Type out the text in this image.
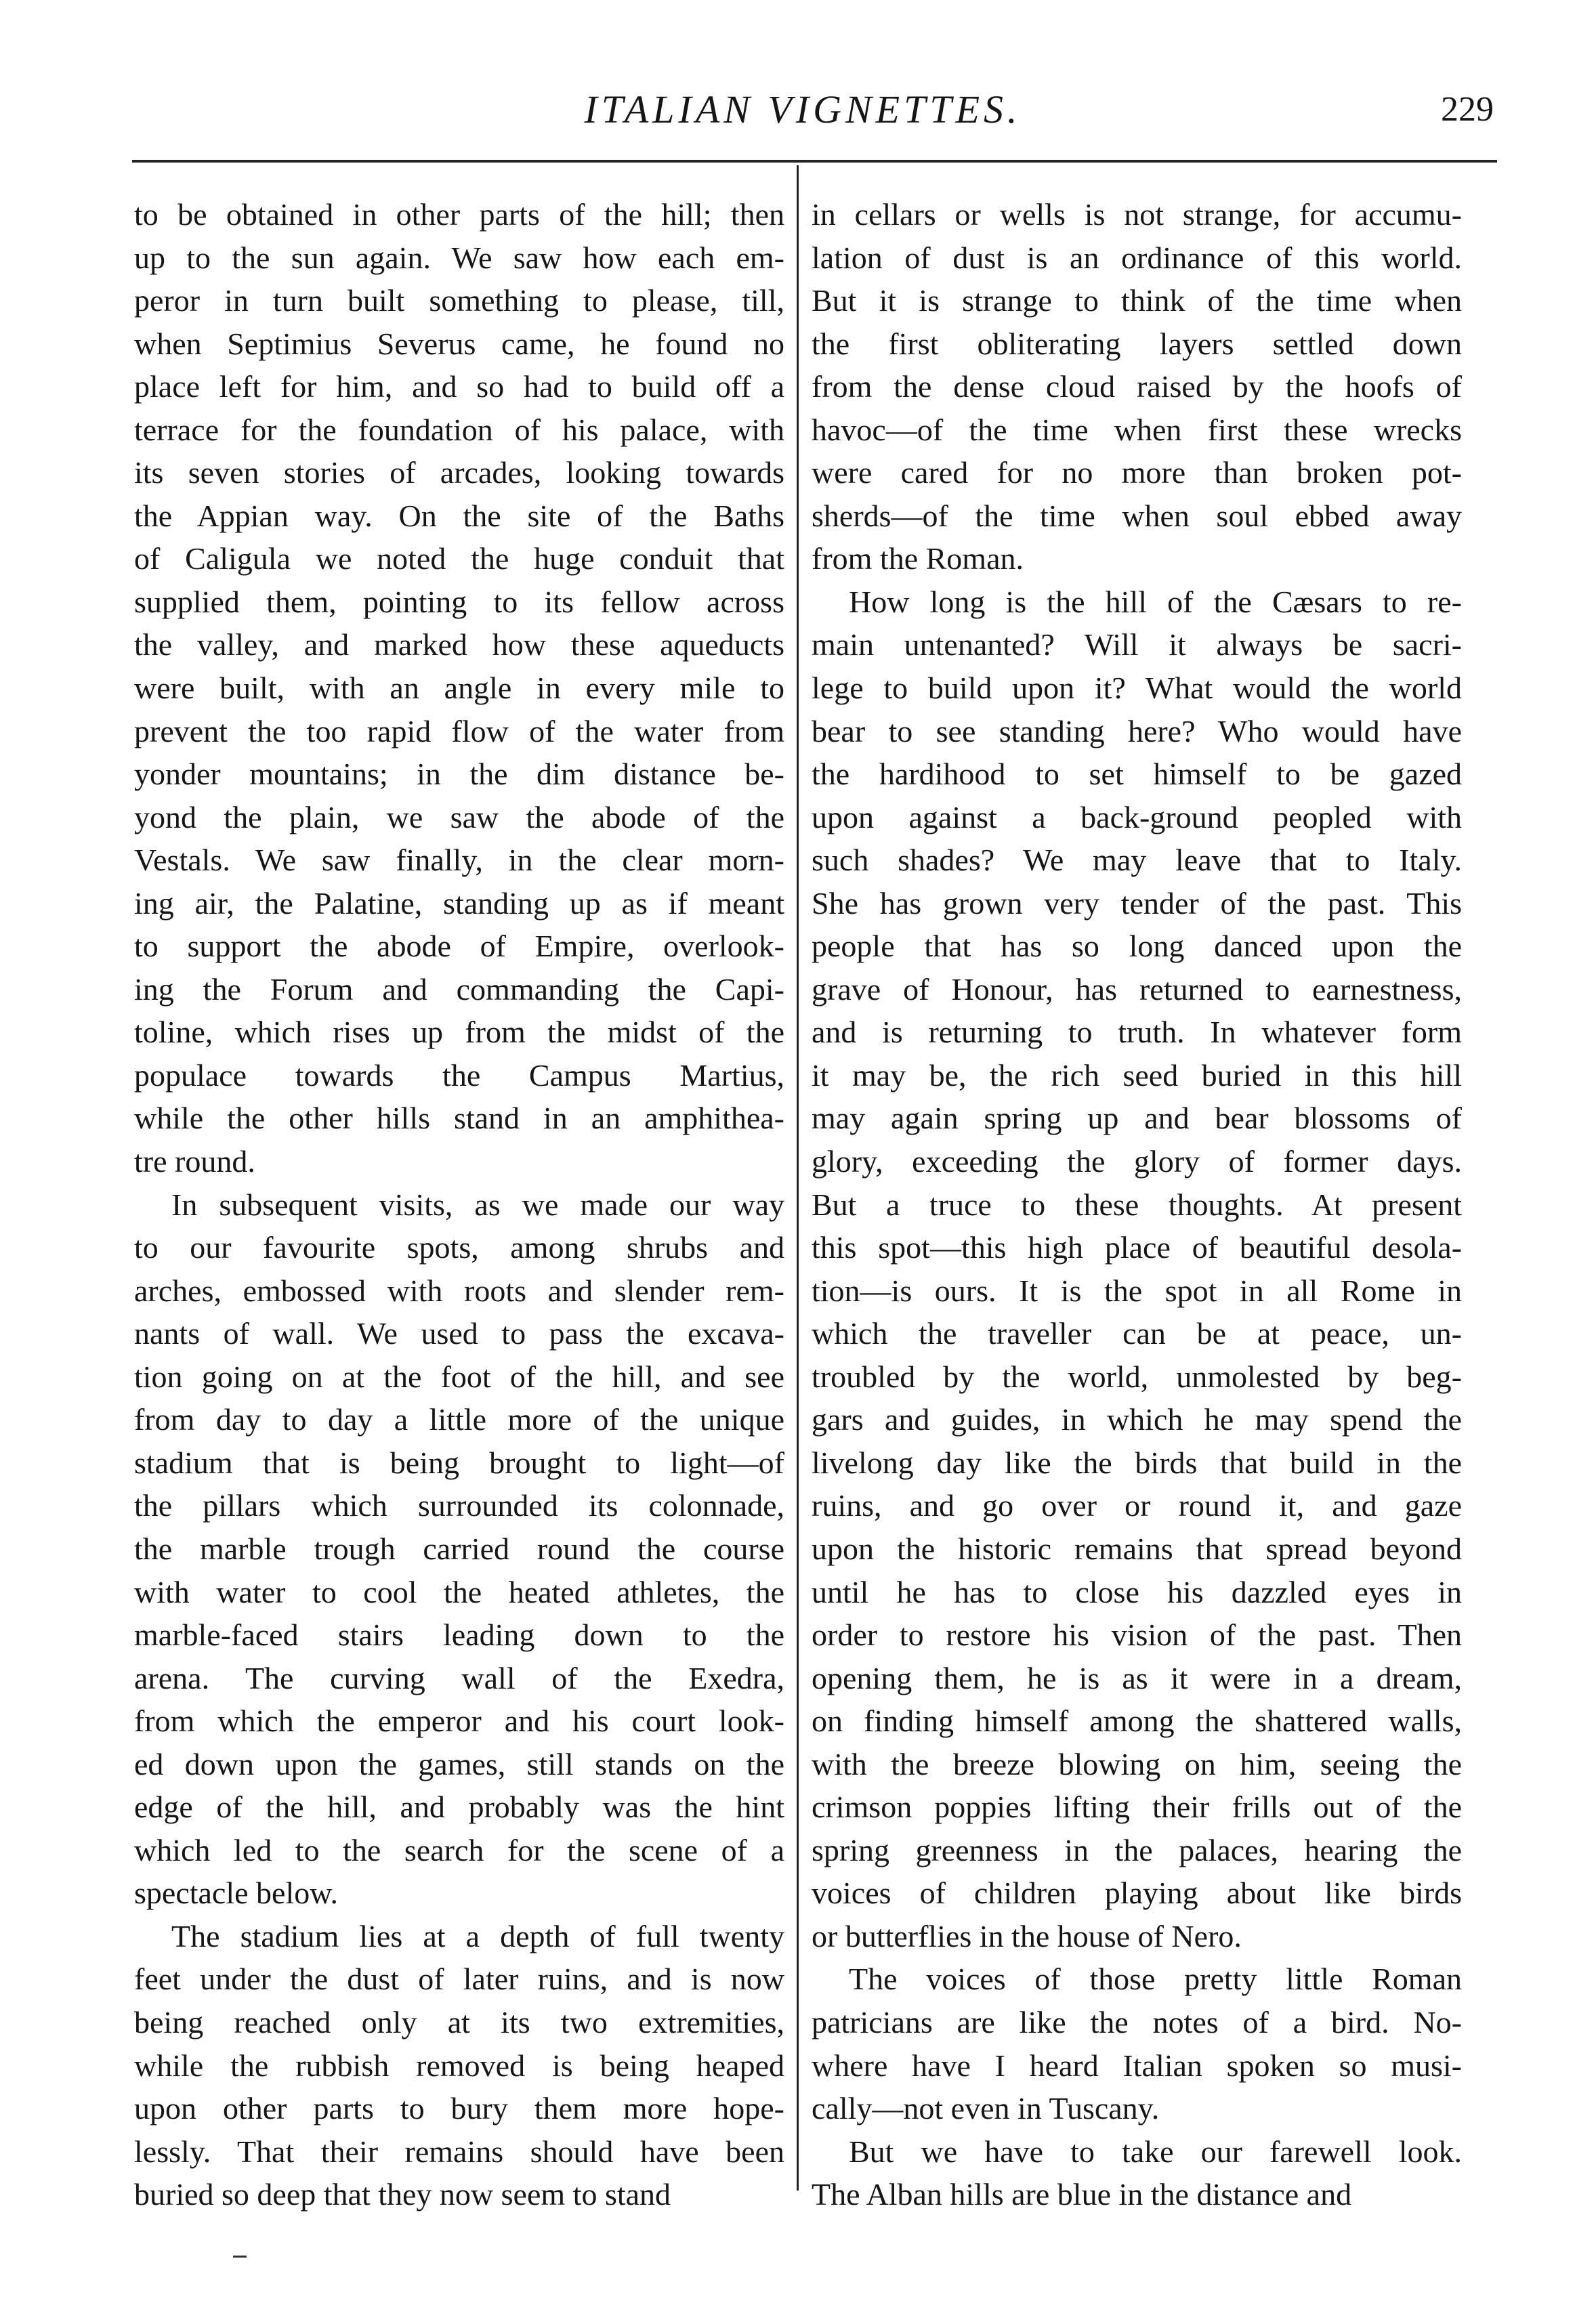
ITALIAN VIGNETTES.	229
to be obtained in other parts of the hill; then
up to the sun again. We saw how each em-
peror in turn built something to please, till,
when Septimius Severus came, he found no
place left for him, and so had to build off a
terrace for the foundation of his palace, with
its seven stories of arcades, looking towards
the Appian way. On the site of the Baths
of Caligula we noted the huge conduit that
supplied them, pointing to its fellow across
the valley, and marked how these aqueducts
were built, with an angle in every mile to
prevent the too rapid flow of the water from
yonder mountains; in the dim distance be-
yond the plain, we saw the abode of the
Vestals. We saw finally, in the clear morn-
ing air, the Palatine, standing up as if meant
to support the abode of Empire, overlook-
ing the Forum and commanding the Capi-
toline, which rises up from the midst of the
populace towards the Campus Martius,
while the other hills stand in an amphithea-
tre round.
In subsequent visits, as we made our way
to our favourite spots, among shrubs and
arches, embossed with roots and slender rem-
nants of wall. We used to pass the excava-
tion going on at the foot of the hill, and see
from day to day a little more of the unique
stadium that is being brought to light—of
the pillars which surrounded its colonnade,
the marble trough carried round the course
with water to cool the heated athletes, the
marble-faced stairs leading down to the
arena. The curving wall of the Exedra,
from which the emperor and his court look-
ed down upon the games, still stands on the
edge of the hill, and probably was the hint
which led to the search for the scene of a
spectacle below.
The stadium lies at a depth of full twenty
feet under the dust of later ruins, and is now
being reached only at its two extremities,
while the rubbish removed is being heaped
upon other parts to bury them more hope-
lessly. That their remains should have been
buried so deep that they now seem to stand
in cellars or wells is not strange, for accumu-
lation of dust is an ordinance of this world.
But it is strange to think of the time when
the first obliterating layers settled down
from the dense cloud raised by the hoofs of
havoc—of the time when first these wrecks
were cared for no more than broken pot-
sherds—of the time when soul ebbed away
from the Roman.
How long is the hill of the Cæsars to re-
main untenanted? Will it always be sacri-
lege to build upon it? What would the world
bear to see standing here? Who would have
the hardihood to set himself to be gazed
upon against a back-ground peopled with
such shades? We may leave that to Italy.
She has grown very tender of the past. This
people that has so long danced upon the
grave of Honour, has returned to earnestness,
and is returning to truth. In whatever form
it may be, the rich seed buried in this hill
may again spring up and bear blossoms of
glory, exceeding the glory of former days.
But a truce to these thoughts. At present
this spot—this high place of beautiful desola-
tion—is ours. It is the spot in all Rome in
which the traveller can be at peace, un-
troubled by the world, unmolested by beg-
gars and guides, in which he may spend the
livelong day like the birds that build in the
ruins, and go over or round it, and gaze
upon the historic remains that spread beyond
until he has to close his dazzled eyes in
order to restore his vision of the past. Then
opening them, he is as it were in a dream,
on finding himself among the shattered walls,
with the breeze blowing on him, seeing the
crimson poppies lifting their frills out of the
spring greenness in the palaces, hearing the
voices of children playing about like birds
or butterflies in the house of Nero.
The voices of those pretty little Roman
patricians are like the notes of a bird. No-
where have I heard Italian spoken so musi-
cally—not even in Tuscany.
But we have to take our farewell look.
The Alban hills are blue in the distance and
